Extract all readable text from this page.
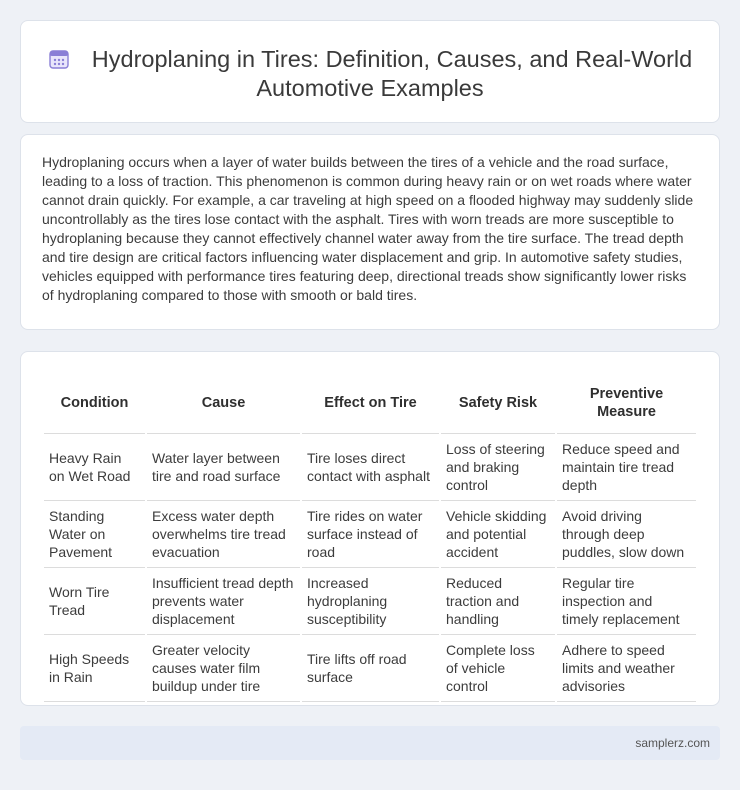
Hydroplaning in Tires: Definition, Causes, and Real-World Automotive Examples

Hydroplaning occurs when a layer of water builds between the tires of a vehicle and the road surface, leading to a loss of traction. This phenomenon is common during heavy rain or on wet roads where water cannot drain quickly. For example, a car traveling at high speed on a flooded highway may suddenly slide uncontrollably as the tires lose contact with the asphalt. Tires with worn treads are more susceptible to hydroplaning because they cannot effectively channel water away from the tire surface. The tread depth and tire design are critical factors influencing water displacement and grip. In automotive safety studies, vehicles equipped with performance tires featuring deep, directional treads show significantly lower risks of hydroplaning compared to those with smooth or bald tires.

Condition	Cause	Effect on Tire	Safety Risk	Preventive Measure
Heavy Rain on Wet Road	Water layer between tire and road surface	Tire loses direct contact with asphalt	Loss of steering and braking control	Reduce speed and maintain tire tread depth
Standing Water on Pavement	Excess water depth overwhelms tire tread evacuation	Tire rides on water surface instead of road	Vehicle skidding and potential accident	Avoid driving through deep puddles, slow down
Worn Tire Tread	Insufficient tread depth prevents water displacement	Increased hydroplaning susceptibility	Reduced traction and handling	Regular tire inspection and timely replacement
High Speeds in Rain	Greater velocity causes water film buildup under tire	Tire lifts off road surface	Complete loss of vehicle control	Adhere to speed limits and weather advisories
samplerz.com
